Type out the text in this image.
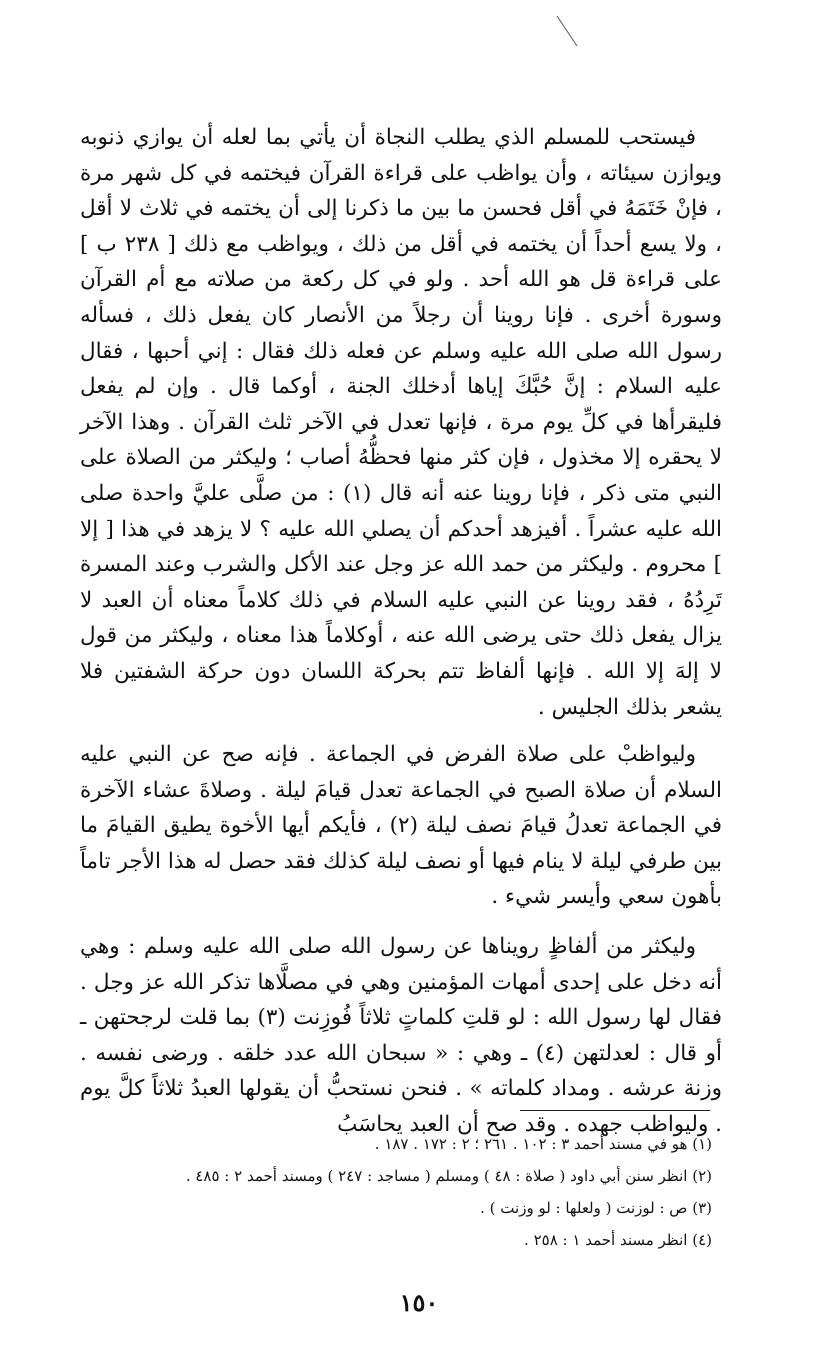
فيستحب للمسلم الذي يطلب النجاة أن يأتي بما لعله أن يوازي ذنوبه ويوازن سيئاته ، وأن يواظب على قراءة القرآن فيختمه في كل شهر مرة ، فإنْ خَتَمَهُ في أقل فحسن ما بين ما ذكرنا إلى أن يختمه في ثلاث لا أقل ، ولا يسع أحداً أن يختمه في أقل من ذلك ، ويواظب مع ذلك [ ٢٣٨ ب ] على قراءة قل هو الله أحد . ولو في كل ركعة من صلاته مع أم القرآن وسورة أخرى . فإنا روينا أن رجلاً من الأنصار كان يفعل ذلك ، فسأله رسول الله صلى الله عليه وسلم عن فعله ذلك فقال : إني أحبها ، فقال عليه السلام : إنَّ حُبَّكَ إياها أدخلك الجنة ، أوكما قال . وإن لم يفعل فليقرأها في كلِّ يوم مرة ، فإنها تعدل في الآخر ثلث القرآن . وهذا الآخر لا يحقره إلا مخذول ، فإن كثر منها فحظُّهُ أصاب ؛ وليكثر من الصلاة على النبي متى ذكر ، فإنا روينا عنه أنه قال (١) : من صلَّى عليَّ واحدة صلى الله عليه عشراً . أفيزهد أحدكم أن يصلي الله عليه ؟ لا يزهد في هذا [ إلا ] محروم . وليكثر من حمد الله عز وجل عند الأكل والشرب وعند المسرة تَرِدُهُ ، فقد روينا عن النبي عليه السلام في ذلك كلاماً معناه أن العبد لا يزال يفعل ذلك حتى يرضى الله عنه ، أوكلاماً هذا معناه ، وليكثر من قول لا إلهَ إلا الله . فإنها ألفاظ تتم بحركة اللسان دون حركة الشفتين فلا يشعر بذلك الجليس .

وليواظبْ على صلاة الفرض في الجماعة . فإنه صح عن النبي عليه السلام أن صلاة الصبح في الجماعة تعدل قيامَ ليلة . وصلاةَ عشاء الآخرة في الجماعة تعدلُ قيامَ نصف ليلة (٢) ، فأيكم أيها الأخوة يطيق القيامَ ما بين طرفي ليلة لا ينام فيها أو نصف ليلة كذلك فقد حصل له هذا الأجر تاماً بأهون سعي وأيسر شيء .

وليكثر من ألفاظٍ رويناها عن رسول الله صلى الله عليه وسلم : وهي أنه دخل على إحدى أمهات المؤمنين وهي في مصلَّاها تذكر الله عز وجل . فقال لها رسول الله : لو قلتِ كلماتٍ ثلاثاً فُوزِنت (٣) بما قلت لرجحتهن ـ أو قال : لعدلتهن (٤) ـ وهي : « سبحان الله عدد خلقه . ورضى نفسه . وزنة عرشه . ومداد كلماته » . فنحن نستحبُّ أن يقولها العبدُ ثلاثاً كلَّ يوم . وليواظب جهده . وقد صح أن العبد يحاسَبُ

(١) هو في مسند أحمد ٣ : ١٠٢ . ٢٦١ ؛ ٢ : ١٧٢ . ١٨٧ .
(٢) انظر سنن أبي داود ( صلاة : ٤٨ ) ومسلم ( مساجد : ٢٤٧ ) ومسند أحمد ٢ : ٤٨٥ .
(٣) ص : لوزنت ( ولعلها : لو وزنت ) .
(٤) انظر مسند أحمد ١ : ٢٥٨ .
١٥٠
